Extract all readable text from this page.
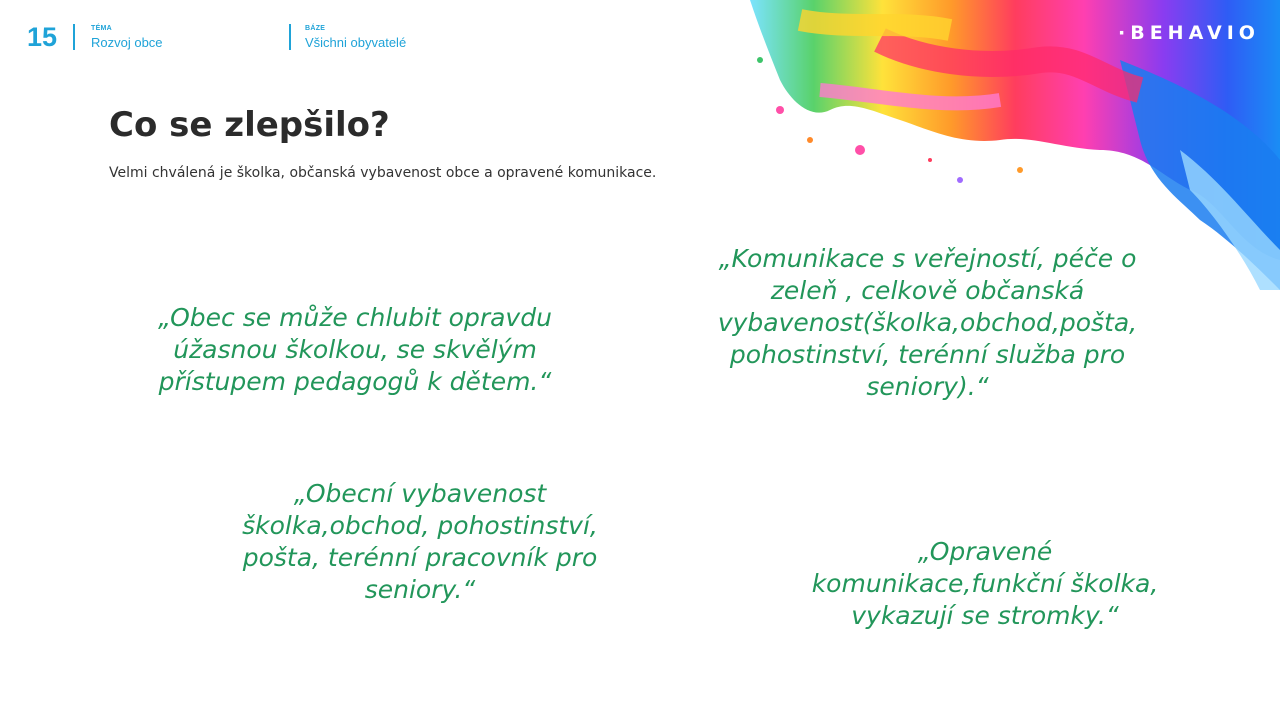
15	TÉMA
Rozvoj obce
BÁZE
Všichni obyvatelé	·BEHAVIO
Co se zlepšilo?

Velmi chválená je školka, občanská vybavenost obce a opravené komunikace.

„Obec se může chlubit opravdu
úžasnou školkou, se skvělým
přístupem pedagogů k dětem.“
„Komunikace s veřejností, péče o
zeleň , celkově občanská
vybavenost(školka,obchod,pošta,
pohostinství, terénní služba pro
seniory).“
„Obecní vybavenost
školka,obchod, pohostinství,
pošta, terénní pracovník pro
seniory.“
„Opravené
komunikace,funkční školka,
vykazují se stromky.“
